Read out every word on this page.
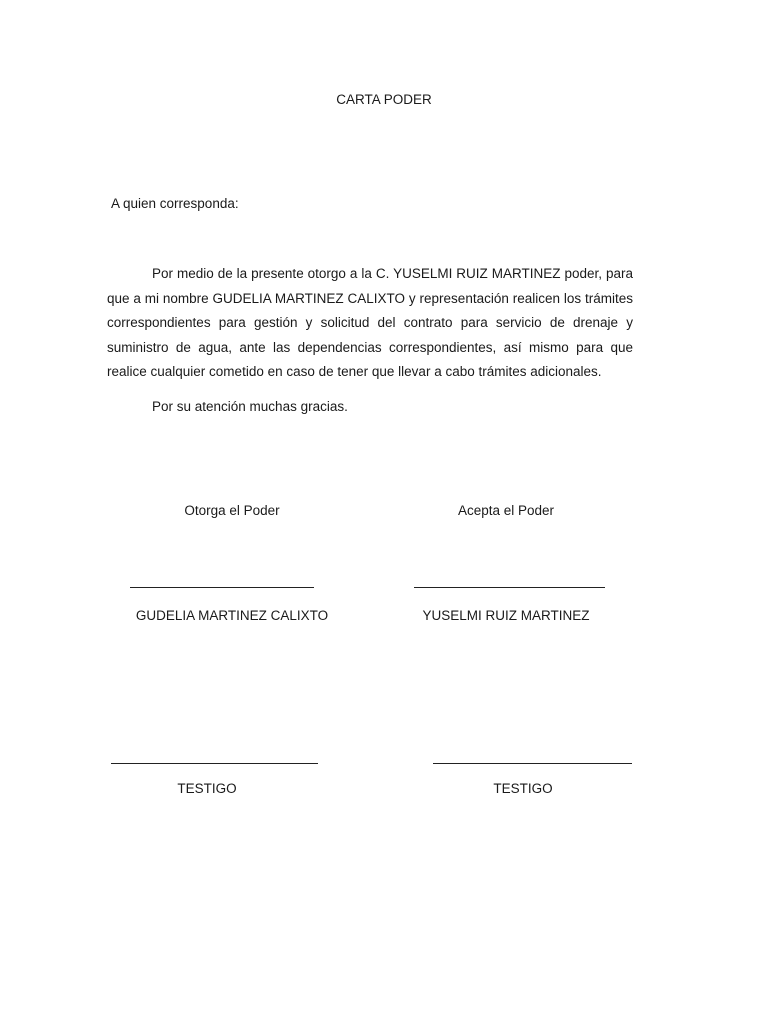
CARTA PODER
A quien corresponda:

Por medio de la presente otorgo a la C. YUSELMI RUIZ MARTINEZ poder, para que a mi nombre GUDELIA MARTINEZ CALIXTO y representación realicen los trámites correspondientes para gestión y solicitud del contrato para servicio de drenaje y suministro de agua, ante las dependencias correspondientes, así mismo para que realice cualquier cometido en caso de tener que llevar a cabo trámites adicionales.

Por su atención muchas gracias.
Otorga el Poder	Acepta el Poder
GUDELIA MARTINEZ CALIXTO	YUSELMI RUIZ MARTINEZ
TESTIGO	TESTIGO
